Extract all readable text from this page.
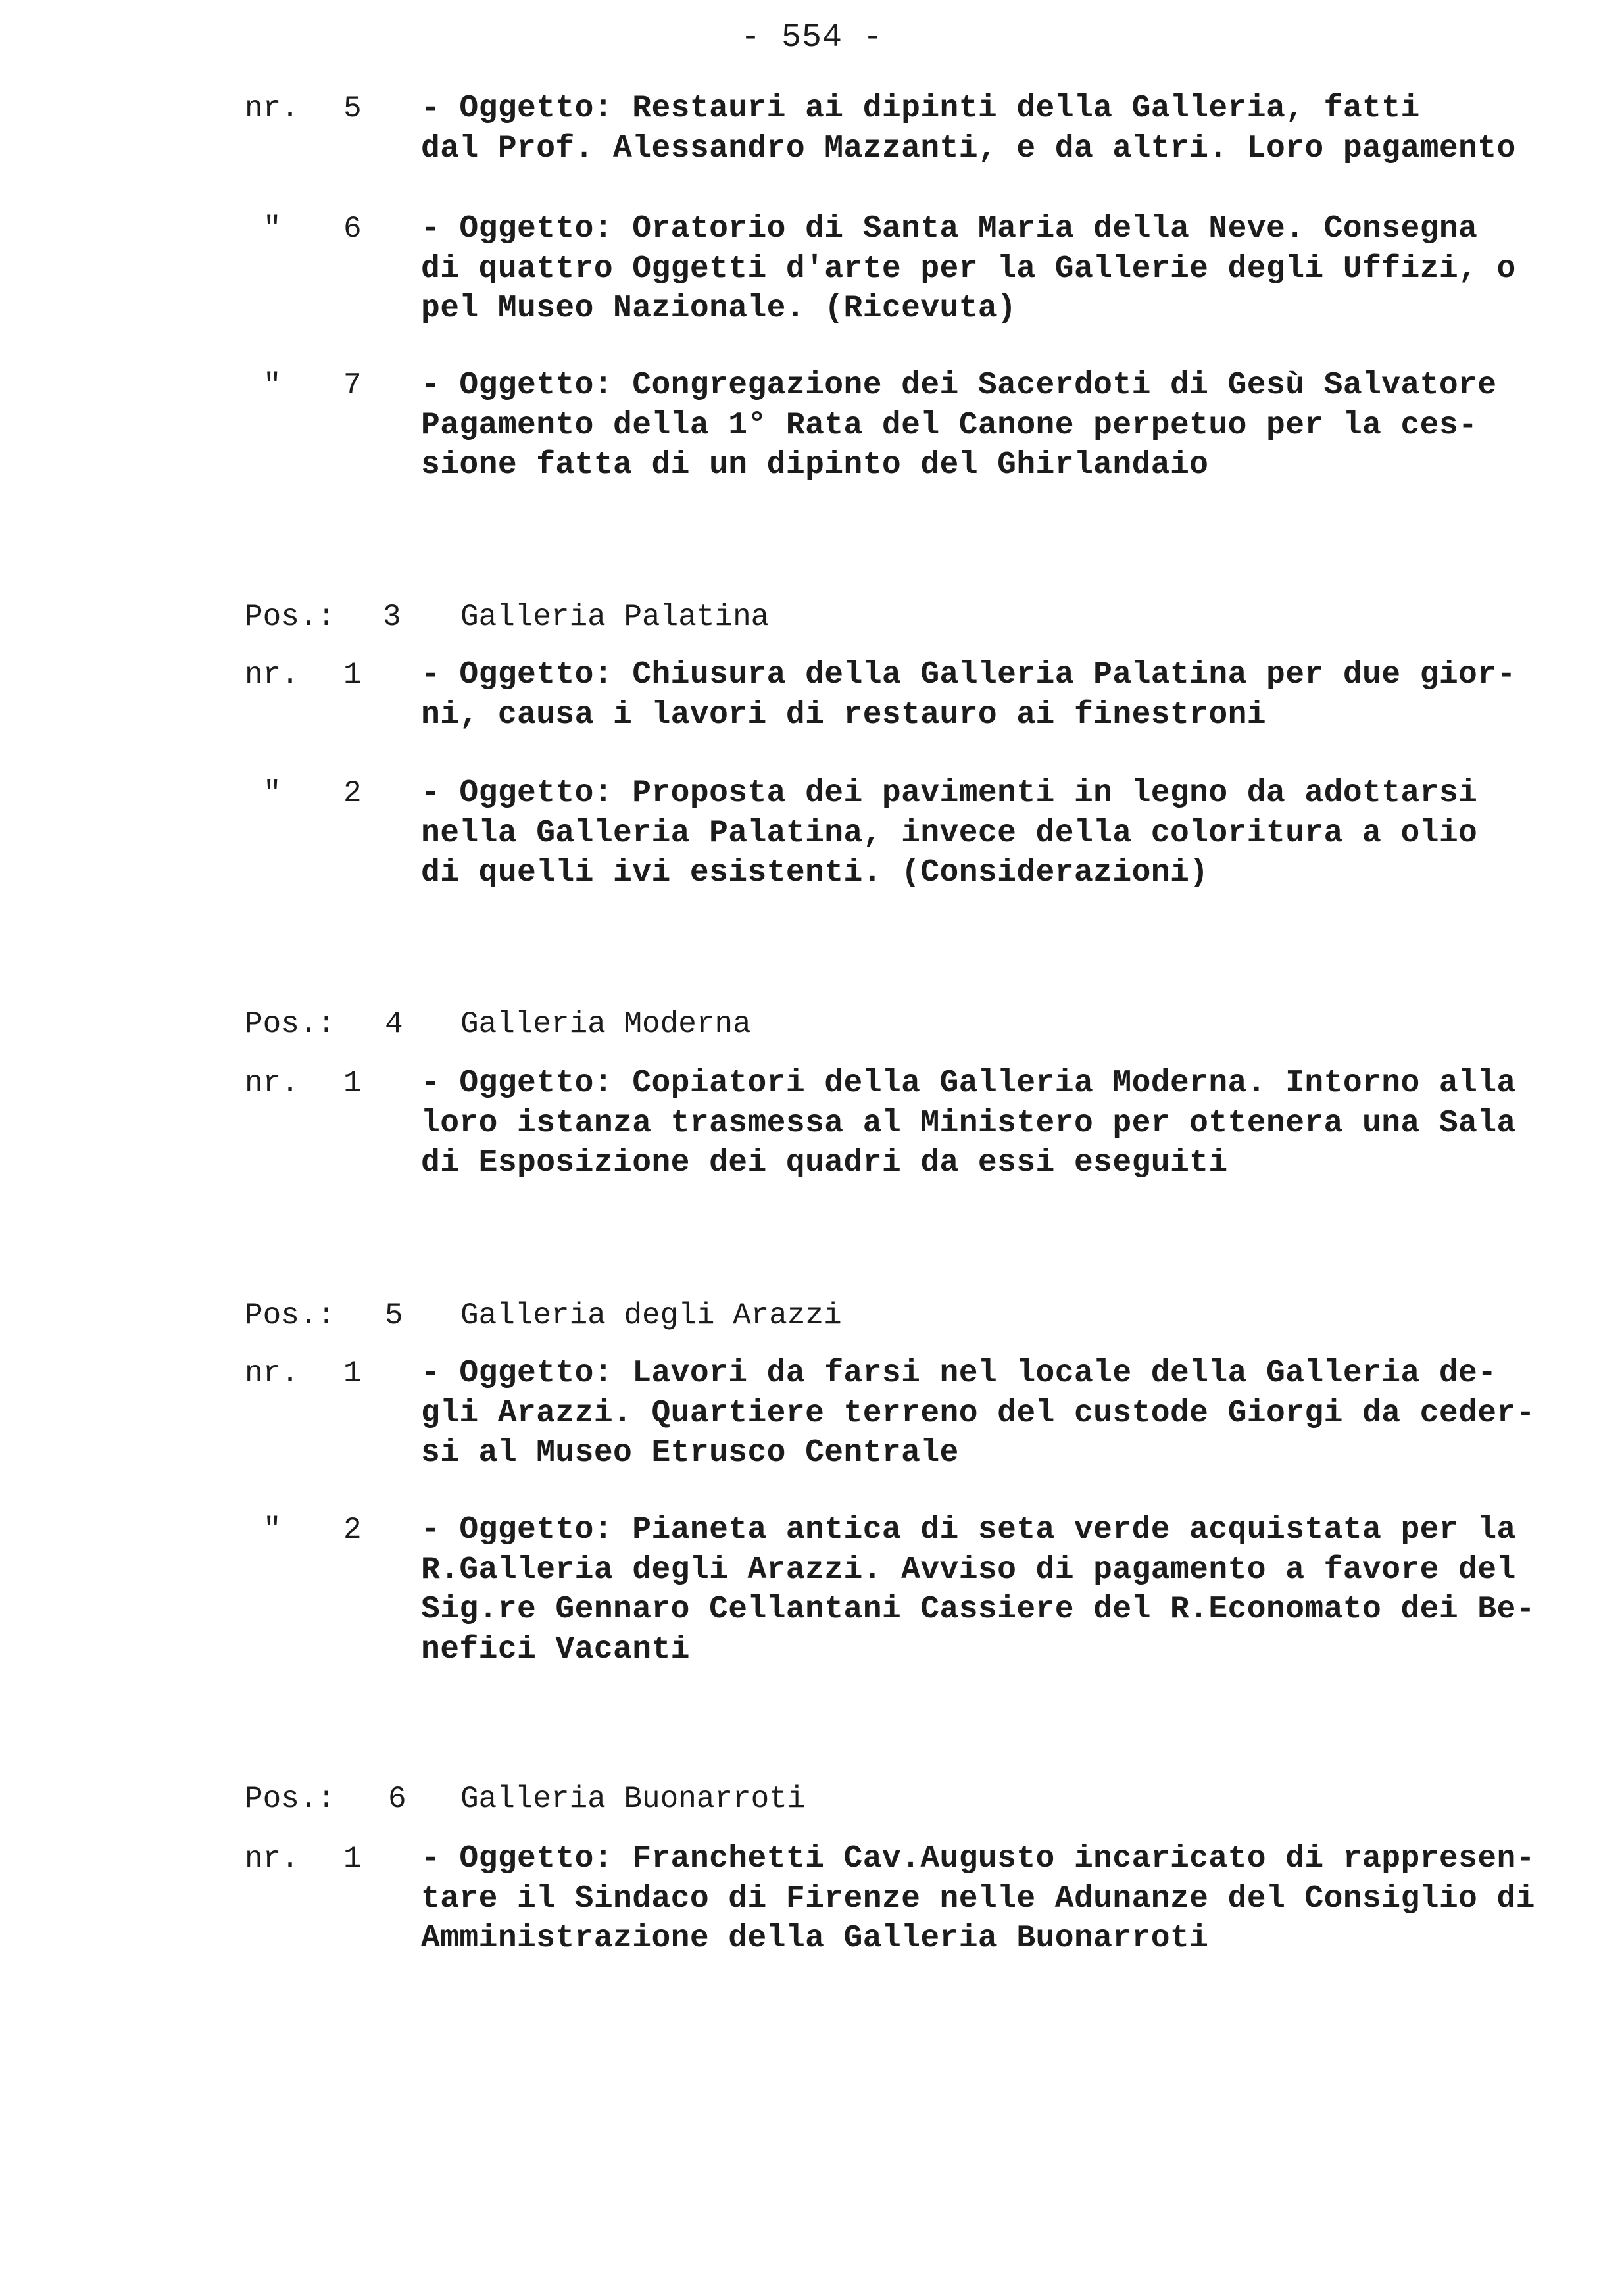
- 554 -
nr. 5 - Oggetto: Restauri ai dipinti della Galleria, fatti
dal Prof. Alessandro Mazzanti, e da altri. Loro pagamento
" 6 - Oggetto: Oratorio di Santa Maria della Neve. Consegna
di quattro Oggetti d'arte per la Gallerie degli Uffizi, o
pel Museo Nazionale. (Ricevuta)
" 7 - Oggetto: Congregazione dei Sacerdoti di Gesù Salvatore
Pagamento della 1° Rata del Canone perpetuo per la ces-
sione fatta di un dipinto del Ghirlandaio
Pos.: 3 Galleria Palatina
nr. 1 - Oggetto: Chiusura della Galleria Palatina per due gior-
ni, causa i lavori di restauro ai finestroni
" 2 - Oggetto: Proposta dei pavimenti in legno da adottarsi
nella Galleria Palatina, invece della coloritura a olio
di quelli ivi esistenti. (Considerazioni)
Pos.: 4 Galleria Moderna
nr. 1 - Oggetto: Copiatori della Galleria Moderna. Intorno alla
loro istanza trasmessa al Ministero per ottenera una Sala
di Esposizione dei quadri da essi eseguiti
Pos.: 5 Galleria degli Arazzi
nr. 1 - Oggetto: Lavori da farsi nel locale della Galleria de-
gli Arazzi. Quartiere terreno del custode Giorgi da ceder-
si al Museo Etrusco Centrale
" 2 - Oggetto: Pianeta antica di seta verde acquistata per la
R.Galleria degli Arazzi. Avviso di pagamento a favore del
Sig.re Gennaro Cellantani Cassiere del R.Economato dei Be-
nefici Vacanti
Pos.: 6 Galleria Buonarroti
nr. 1 - Oggetto: Franchetti Cav.Augusto incaricato di rappresen-
tare il Sindaco di Firenze nelle Adunanze del Consiglio di
Amministrazione della Galleria Buonarroti
